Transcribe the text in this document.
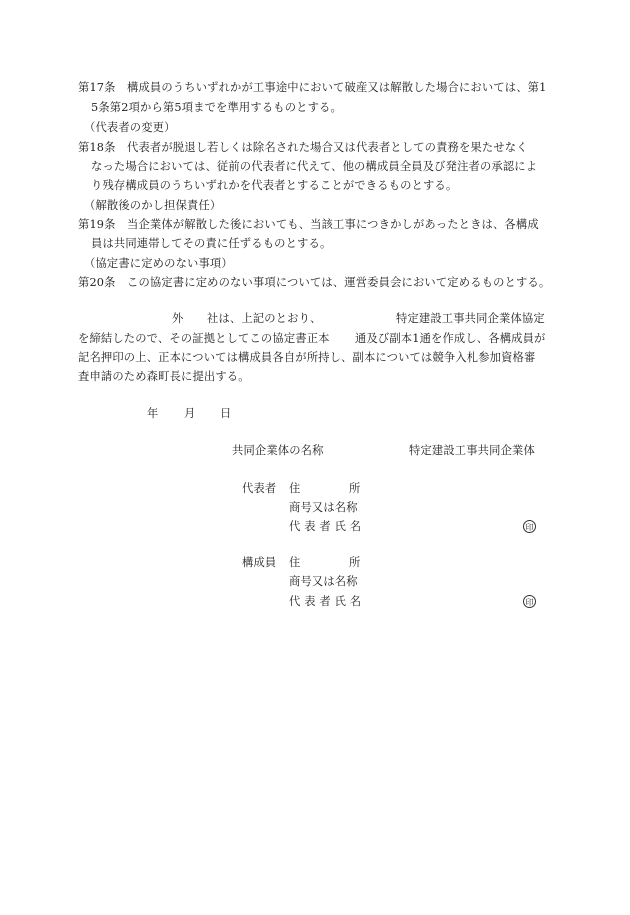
第17条　構成員のうちいずれかが工事途中において破産又は解散した場合においては、第1
5条第2項から第5項までを準用するものとする。
（代表者の変更）
第18条　代表者が脱退し若しくは除名された場合又は代表者としての責務を果たせなく
なった場合においては、従前の代表者に代えて、他の構成員全員及び発注者の承認によ
り残存構成員のうちいずれかを代表者とすることができるものとする。
（解散後のかし担保責任）
第19条　当企業体が解散した後においても、当該工事につきかしがあったときは、各構成
員は共同連帯してその責に任ずるものとする。
（協定書に定めのない事項）
第20条　この協定書に定めのない事項については、運営委員会において定めるものとする。
外 社は、上記のとおり、	特定建設工事共同企業体協定
を締結したので、その証拠としてこの協定書正本 通及び副本1通を作成し、各構成員が
記名押印の上、正本については構成員各自が所持し、副本については競争入札参加資格審
査申請のため森町長に提出する。
年 月 日
共同企業体の名称	特定建設工事共同企業体
代表者 住	所
商号又は名称
代 表 者 氏 名	印
構成員 住	所
商号又は名称
代 表 者 氏 名	印
